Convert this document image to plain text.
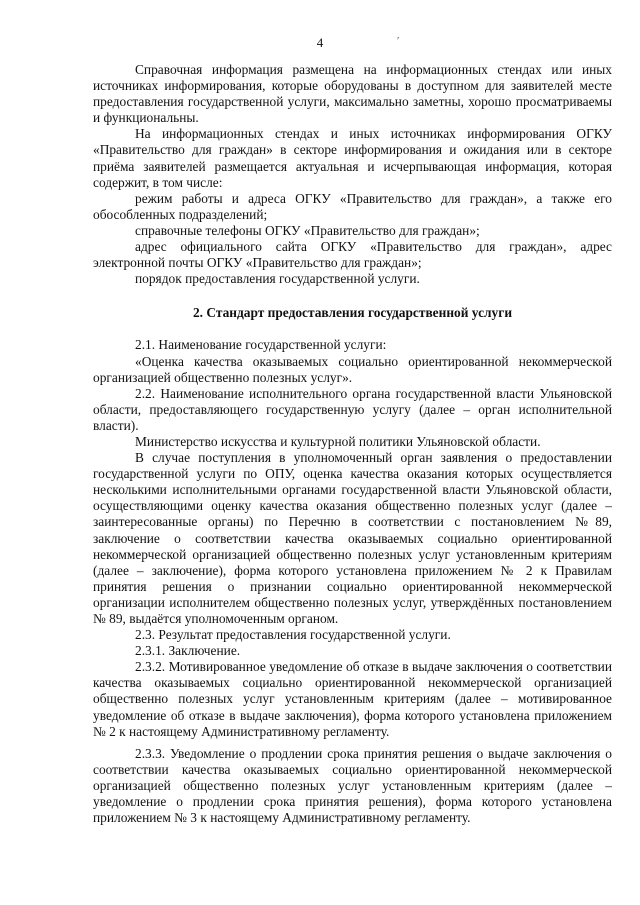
4	ʹ

Справочная информация размещена на информационных стендах или иных источниках информирования, которые оборудованы в доступном для заявителей месте предоставления государственной услуги, максимально заметны, хорошо просматриваемы и функциональны.

На информационных стендах и иных источниках информирования ОГКУ «Правительство для граждан» в секторе информирования и ожидания или в секторе приёма заявителей размещается актуальная и исчерпывающая информация, которая содержит, в том числе:

режим работы и адреса ОГКУ «Правительство для граждан», а также его обособленных подразделений;

справочные телефоны ОГКУ «Правительство для граждан»;

адрес официального сайта ОГКУ «Правительство для граждан», адрес электронной почты ОГКУ «Правительство для граждан»;

порядок предоставления государственной услуги.

2. Стандарт предоставления государственной услуги

2.1. Наименование государственной услуги:

«Оценка качества оказываемых социально ориентированной некоммерческой организацией общественно полезных услуг».

2.2. Наименование исполнительного органа государственной власти Ульяновской области, предоставляющего государственную услугу (далее – орган исполнительной власти).

Министерство искусства и культурной политики Ульяновской области.

В случае поступления в уполномоченный орган заявления о предоставлении государственной услуги по ОПУ, оценка качества оказания которых осуществляется несколькими исполнительными органами государственной власти Ульяновской области, осуществляющими оценку качества оказания общественно полезных услуг (далее – заинтересованные органы) по Перечню в соответствии с постановлением №89, заключение о соответствии качества оказываемых социально ориентированной некоммерческой организацией общественно полезных услуг установленным критериям (далее – заключение), форма которого установлена приложением № 2 к Правилам принятия решения о признании социально ориентированной некоммерческой организации исполнителем общественно полезных услуг, утверждённых постановлением № 89, выдаётся уполномоченным органом.

2.3. Результат предоставления государственной услуги.

2.3.1. Заключение.

2.3.2. Мотивированное уведомление об отказе в выдаче заключения о соответствии качества оказываемых социально ориентированной некоммерческой организацией общественно полезных услуг установленным критериям (далее – мотивированное уведомление об отказе в выдаче заключения), форма которого установлена приложением № 2 к настоящему Административному регламенту.

2.3.3. Уведомление о продлении срока принятия решения о выдаче заключения о соответствии качества оказываемых социально ориентированной некоммерческой организацией общественно полезных услуг установленным критериям (далее – уведомление о продлении срока принятия решения), форма которого установлена приложением № 3 к настоящему Административному регламенту.
